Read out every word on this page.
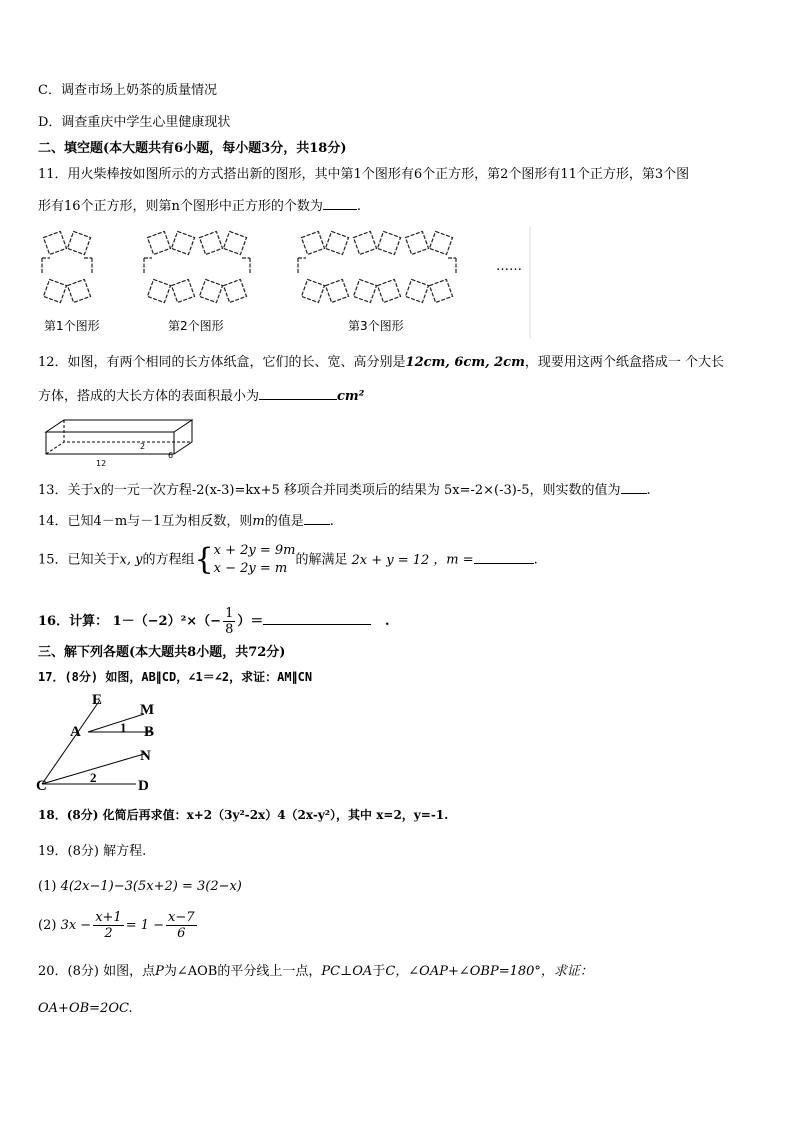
C．调查市场上奶茶的质量情况
D．调查重庆中学生心里健康现状
二、填空题(本大题共有6小题，每小题3分，共18分)
11．用火柴棒按如图所示的方式搭出新的图形，其中第1个图形有6个正方形，第2个图形有11个正方形，第3个图
形有16个正方形，则第n个图形中正方形的个数为	.
……
第1个图形	第2个图形	第3个图形
12．如图，有两个相同的长方体纸盒，它们的长、宽、高分别是12cm, 6cm, 2cm，现要用这两个纸盒搭成一 个大长
方体，搭成的大长方体的表面积最小为	cm²
2
12
6
13．关于x的一元一次方程-2(x-3)=kx+5 移项合并同类项后的结果为 5x=-2×(-3)-5，则实数的值为 .
14．已知4－m与－1互为相反数，则m的值是 .
15．已知关于x, y的方程组{ x + 2y = 9m
x − 2y = m
的解满足 2x + y = 12 ，m =	.
16．计算： $1-(-2)^2\times(- \frac{1}{8}$ ）＝	.
三、解下列各题(本大题共8小题，共72分)
17．(8分) 如图，AB∥CD，∠1＝∠2，求证：AM∥CN
E
M
A	1 B
N
C
2
D
18．(8分) 化简后再求值：x+2（3y²-2x）4（2x-y²），其中 x=2，y=-1.
19．(8分) 解方程.
(1) 4(2x−1)−3(5x+2) = 3(2−x)
(2) $3x - \frac{x+1}{2} = 1 - \frac{x-7}{6}$
20．(8分) 如图，点P为∠AOB的平分线上一点，PC⊥OA于C，∠OAP+∠OBP=180°，求证：
OA+OB=2OC.
